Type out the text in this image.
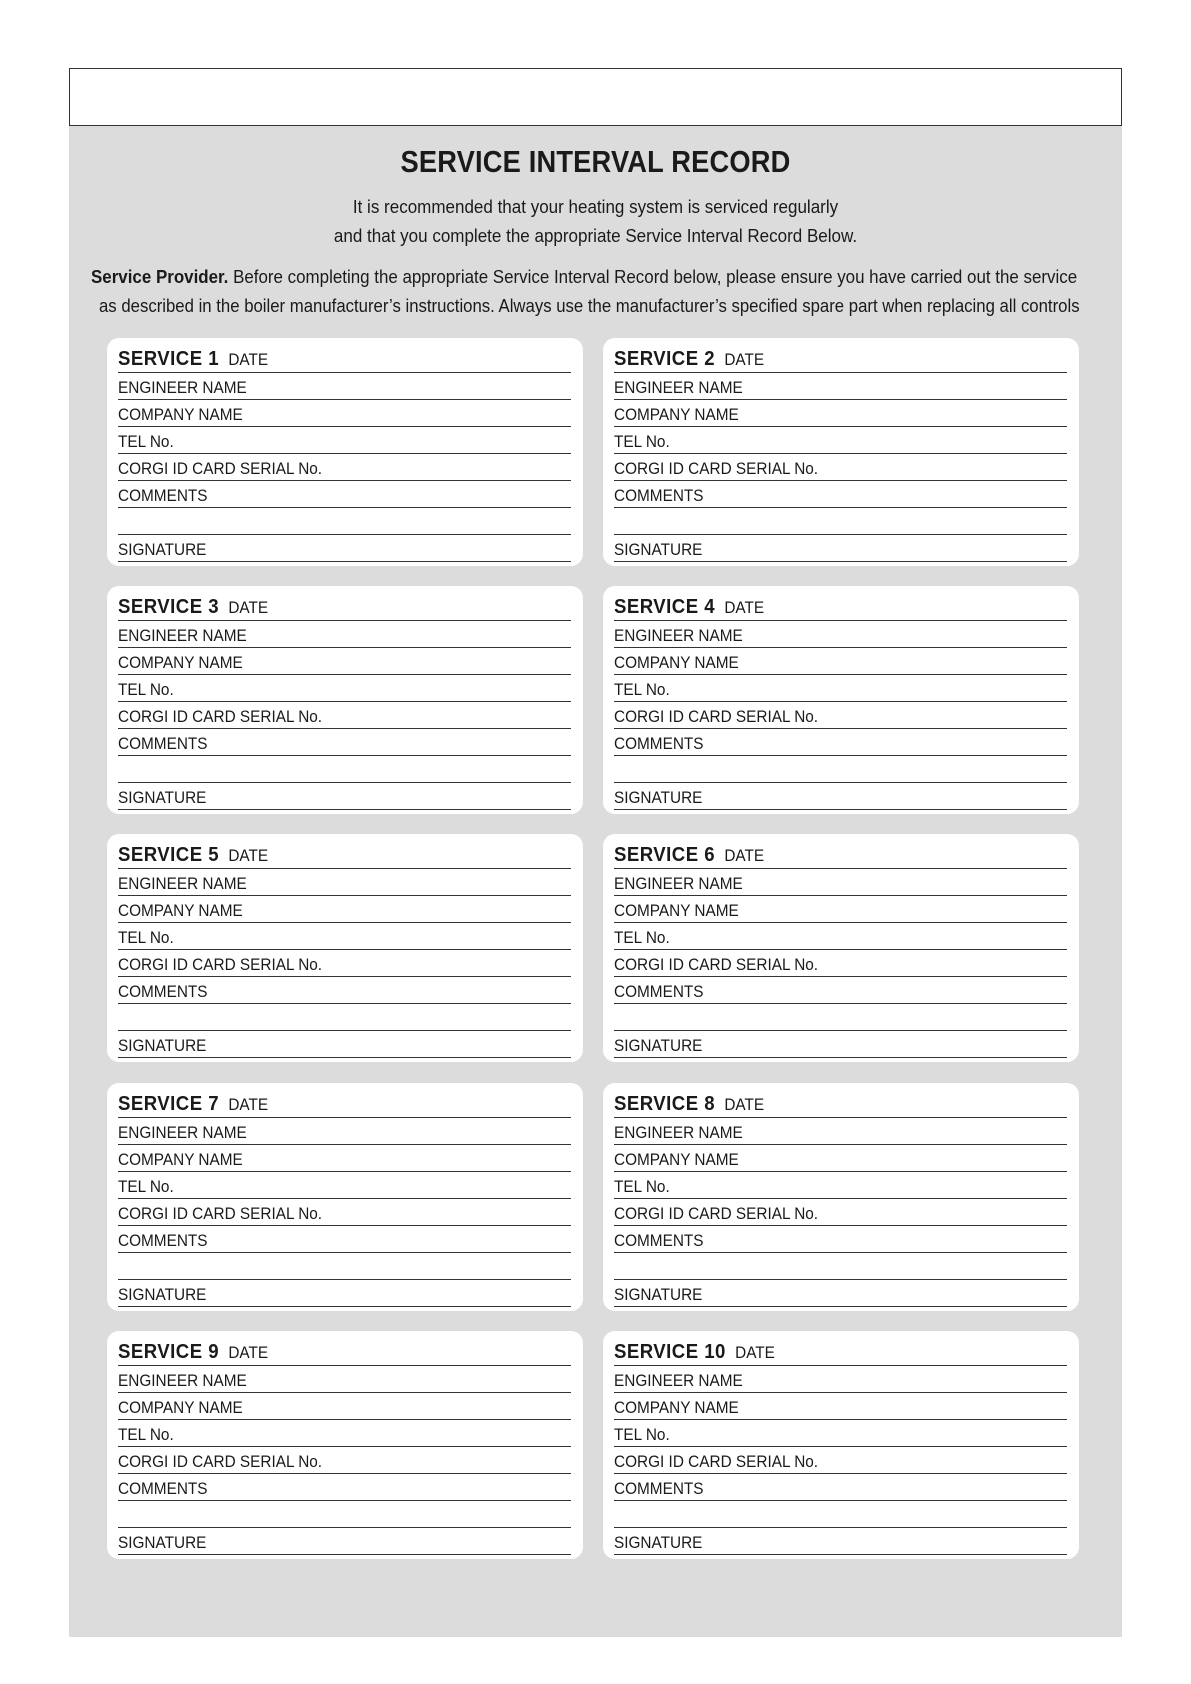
SERVICE INTERVAL RECORD
It is recommended that your heating system is serviced regularly
and that you complete the appropriate Service Interval Record Below.
Service Provider. Before completing the appropriate Service Interval Record below, please ensure you have carried out the service
as described in the boiler manufacturer’s instructions. Always use the manufacturer’s specified spare part when replacing all controls
SERVICE 1 DATE
ENGINEER NAME
COMPANY NAME
TEL No.
CORGI ID CARD SERIAL No.
COMMENTS
SIGNATURE
SERVICE 2 DATE
ENGINEER NAME
COMPANY NAME
TEL No.
CORGI ID CARD SERIAL No.
COMMENTS
SIGNATURE
SERVICE 3 DATE
ENGINEER NAME
COMPANY NAME
TEL No.
CORGI ID CARD SERIAL No.
COMMENTS
SIGNATURE
SERVICE 4 DATE
ENGINEER NAME
COMPANY NAME
TEL No.
CORGI ID CARD SERIAL No.
COMMENTS
SIGNATURE
SERVICE 5 DATE
ENGINEER NAME
COMPANY NAME
TEL No.
CORGI ID CARD SERIAL No.
COMMENTS
SIGNATURE
SERVICE 6 DATE
ENGINEER NAME
COMPANY NAME
TEL No.
CORGI ID CARD SERIAL No.
COMMENTS
SIGNATURE
SERVICE 7 DATE
ENGINEER NAME
COMPANY NAME
TEL No.
CORGI ID CARD SERIAL No.
COMMENTS
SIGNATURE
SERVICE 8 DATE
ENGINEER NAME
COMPANY NAME
TEL No.
CORGI ID CARD SERIAL No.
COMMENTS
SIGNATURE
SERVICE 9 DATE
ENGINEER NAME
COMPANY NAME
TEL No.
CORGI ID CARD SERIAL No.
COMMENTS
SIGNATURE
SERVICE 10 DATE
ENGINEER NAME
COMPANY NAME
TEL No.
CORGI ID CARD SERIAL No.
COMMENTS
SIGNATURE
